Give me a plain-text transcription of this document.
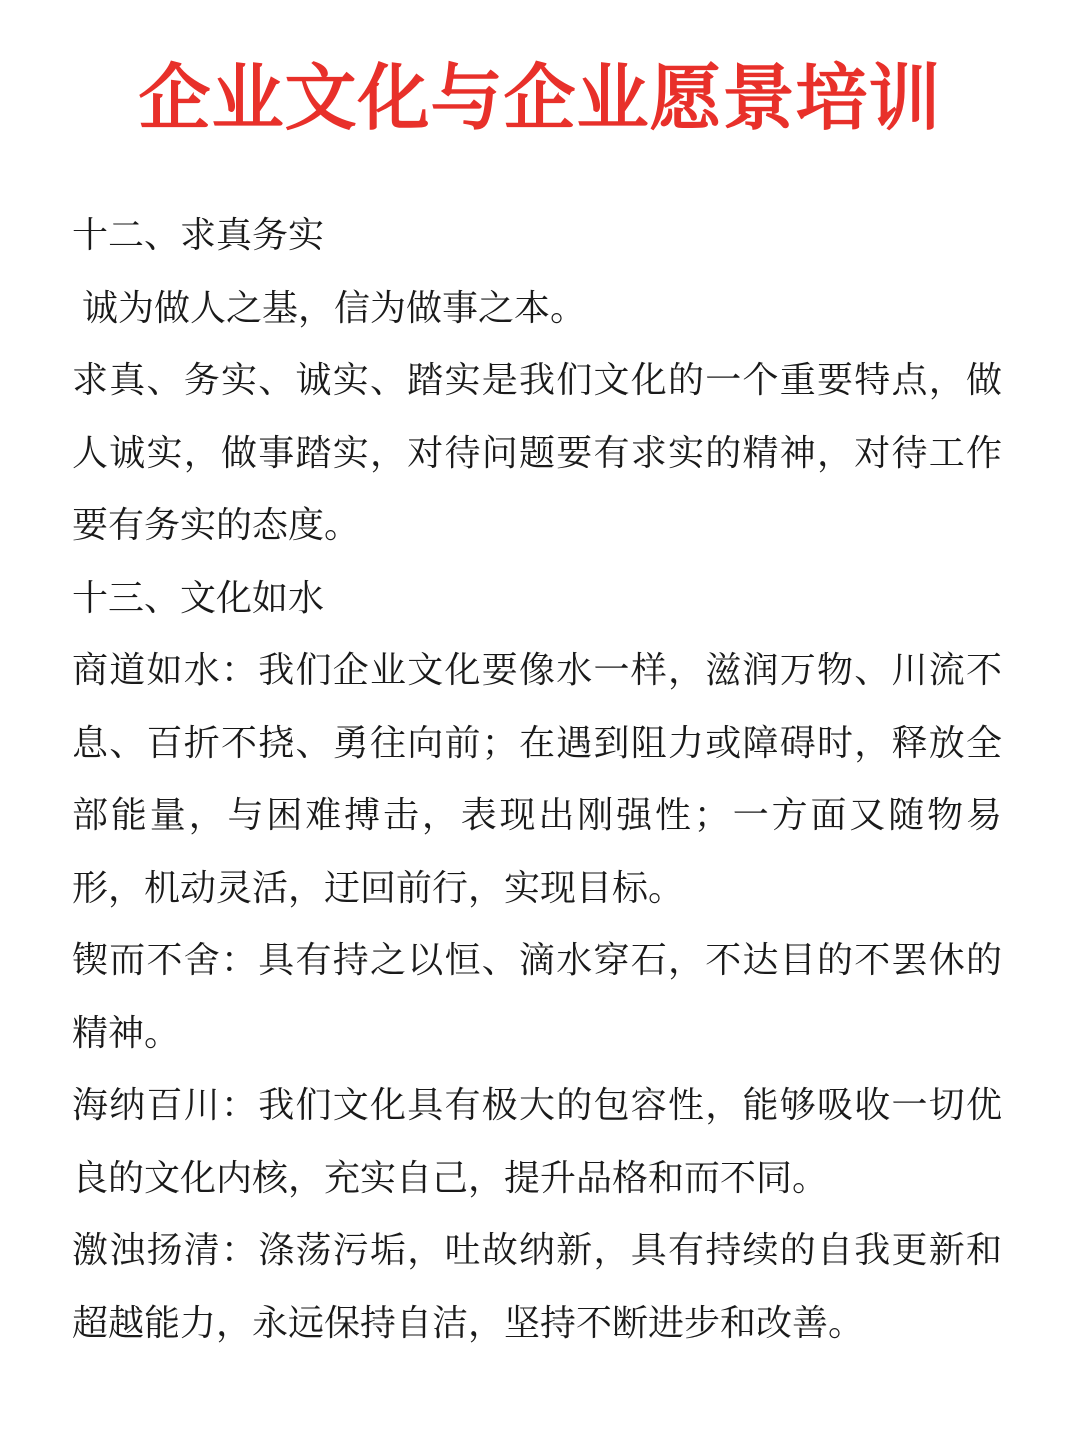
企业文化与企业愿景培训

十二、求真务实

诚为做人之基，信为做事之本。

求真、务实、诚实、踏实是我们文化的一个重要特点，做人诚实，做事踏实，对待问题要有求实的精神，对待工作要有务实的态度。

十三、文化如水

商道如水：我们企业文化要像水一样，滋润万物、川流不息、百折不挠、勇往向前；在遇到阻力或障碍时，释放全部能量，与困难搏击，表现出刚强性；一方面又随物易形，机动灵活，迂回前行，实现目标。

锲而不舍：具有持之以恒、滴水穿石，不达目的不罢休的精神。

海纳百川：我们文化具有极大的包容性，能够吸收一切优良的文化内核，充实自己，提升品格和而不同。

激浊扬清：涤荡污垢，吐故纳新，具有持续的自我更新和超越能力，永远保持自洁，坚持不断进步和改善。
